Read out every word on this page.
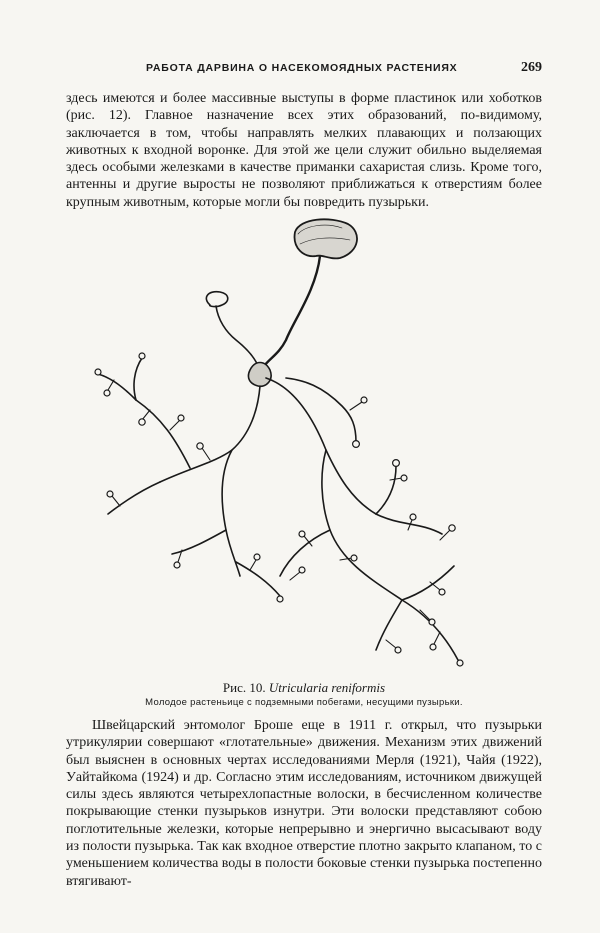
РАБОТА ДАРВИНА О НАСЕКОМОЯДНЫХ РАСТЕНИЯХ	269

здесь имеются и более массивные выступы в форме пластинок или хоботков (рис. 12). Главное назначение всех этих образований, по-видимому, заключается в том, чтобы направлять мелких плавающих и ползающих животных к входной воронке. Для этой же цели служит обильно выделяемая здесь особыми железками в качестве приманки сахаристая слизь. Кроме того, антенны и другие выросты не позволяют приближаться к отверстиям более крупным животным, которые могли бы повредить пузырьки.

Рис. 10. Utricularia reniformis
Молодое растеньице с подземными побегами, несущими пузырьки.

Швейцарский энтомолог Броше еще в 1911 г. открыл, что пузырьки утрикулярии совершают «глотательные» движения. Механизм этих движений был выяснен в основных чертах исследованиями Мерля (1921), Чайя (1922), Уайтайкома (1924) и др. Согласно этим исследованиям, источником движущей силы здесь являются четырехлопастные волоски, в бесчисленном количестве покрывающие стенки пузырьков изнутри. Эти волоски представляют собою поглотительные железки, которые непрерывно и энергично высасывают воду из полости пузырька. Так как входное отверстие плотно закрыто клапаном, то с уменьшением количества воды в полости боковые стенки пузырька постепенно втягивают-
